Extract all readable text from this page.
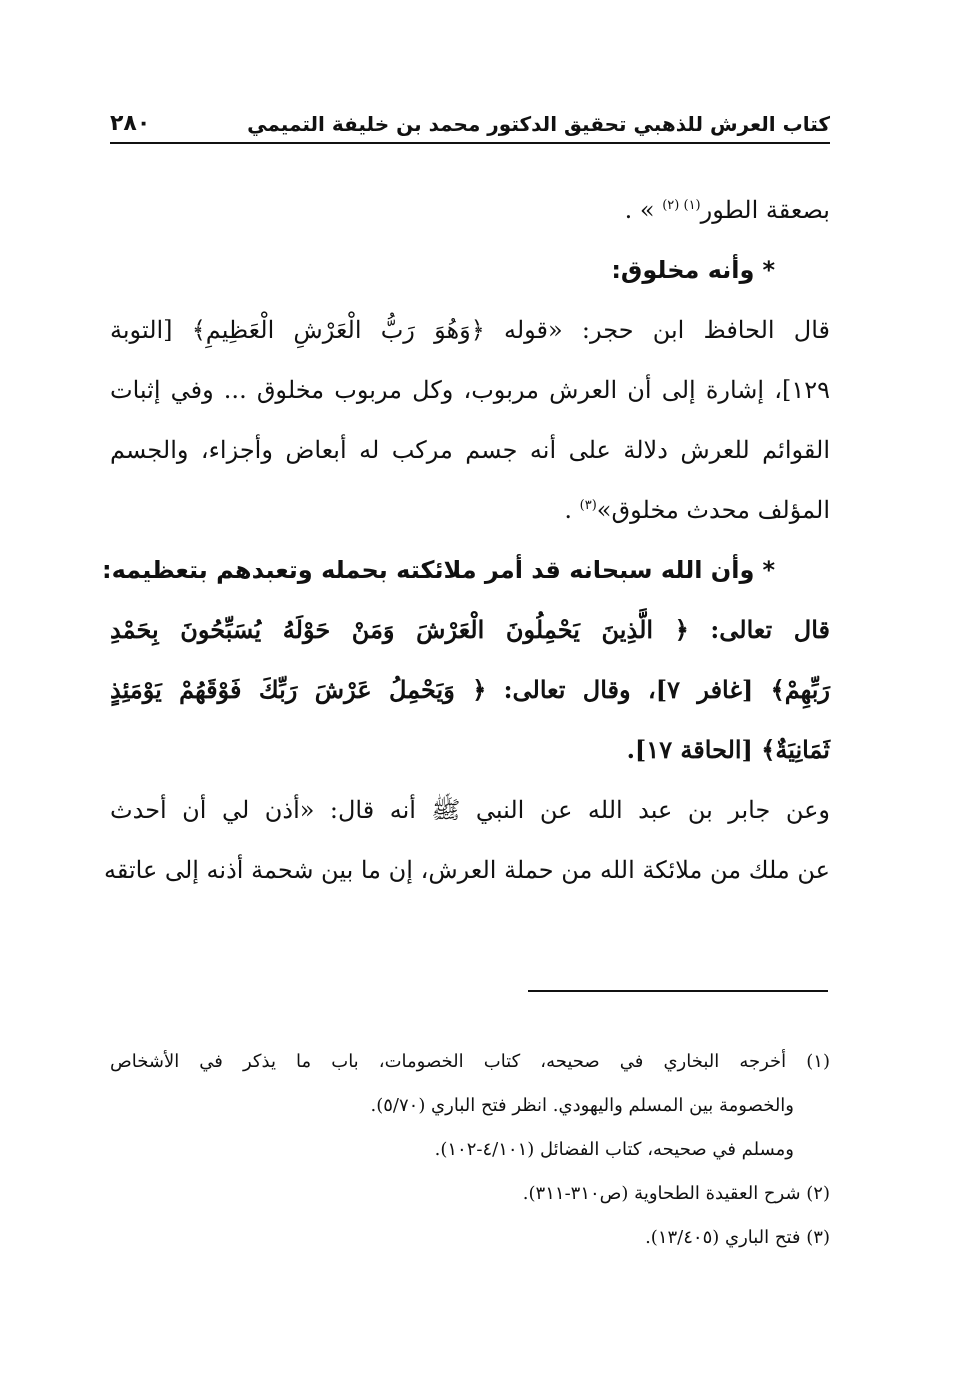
كتاب العرش للذهبي تحقيق الدكتور محمد بن خليفة التميمي
٢٨٠
بصعقة الطور$^{(١) (٢)}$ » .
*وأنه مخلوق:
قال الحافظ ابن حجر: «قوله ﴿وَهُوَ رَبُّ الْعَرْشِ الْعَظِيمِ﴾ [التوبة
١٢٩]، إشارة إلى أن العرش مربوب، وكل مربوب مخلوق ... وفي إثبات
القوائم للعرش دلالة على أنه جسم مركب له أبعاض وأجزاء، والجسم
المؤلف محدث مخلوق»$^{(٣)}$ .
*وأن الله سبحانه قد أمر ملائكته بحمله وتعبدهم بتعظيمه:
قال تعالى: ﴿ الَّذِينَ يَحْمِلُونَ الْعَرْشَ وَمَنْ حَوْلَهُ يُسَبِّحُونَ بِحَمْدِ
رَبِّهِمْ﴾ [غافر ٧]، وقال تعالى: ﴿ وَيَحْمِلُ عَرْشَ رَبِّكَ فَوْقَهُمْ يَوْمَئِذٍ
ثَمَانِيَةٌ﴾ [الحاقة ١٧].
وعن جابر بن عبد الله عن النبي ﷺ أنه قال: «أذن لي أن أحدث
عن ملك من ملائكة الله من حملة العرش، إن ما بين شحمة أذنه إلى عاتقه
(١) أخرجه البخاري في صحيحه، كتاب الخصومات، باب ما يذكر في الأشخاص
والخصومة بين المسلم واليهودي. انظر فتح الباري (٥/٧٠).
ومسلم في صحيحه، كتاب الفضائل (٤/١٠١-١٠٢).
(٢) شرح العقيدة الطحاوية (ص٣١٠-٣١١).
(٣) فتح الباري (١٣/٤٠٥).
